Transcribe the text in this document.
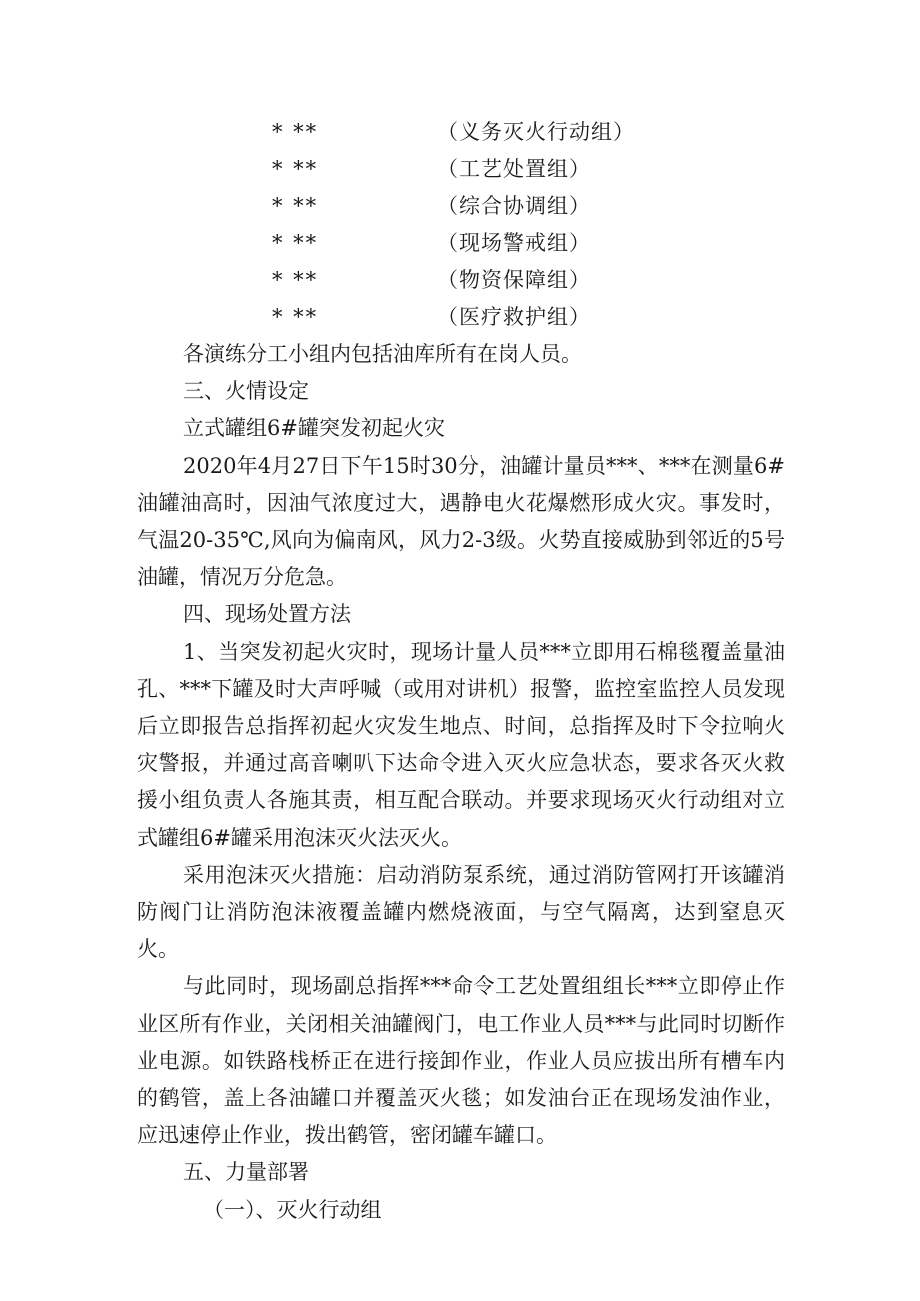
* **	（义务灭火行动组）
* **	（工艺处置组）
* **	（综合协调组）
* **	（现场警戒组）
* **	（物资保障组）
* **	（医疗救护组）

各演练分工小组内包括油库所有在岗人员。

三、火情设定

立式罐组6#罐突发初起火灾

2020年4月27日下午15时30分，油罐计量员***、***在测量6#油罐油高时，因油气浓度过大，遇静电火花爆燃形成火灾。事发时，气温20-35℃,风向为偏南风，风力2-3级。火势直接威胁到邻近的5号油罐，情况万分危急。

四、现场处置方法

1、当突发初起火灾时，现场计量人员***立即用石棉毯覆盖量油孔、***下罐及时大声呼喊（或用对讲机）报警，监控室监控人员发现后立即报告总指挥初起火灾发生地点、时间，总指挥及时下令拉响火灾警报，并通过高音喇叭下达命令进入灭火应急状态，要求各灭火救援小组负责人各施其责，相互配合联动。并要求现场灭火行动组对立式罐组6#罐采用泡沫灭火法灭火。

采用泡沫灭火措施：启动消防泵系统，通过消防管网打开该罐消防阀门让消防泡沫液覆盖罐内燃烧液面，与空气隔离，达到窒息灭火。

与此同时，现场副总指挥***命令工艺处置组组长***立即停止作业区所有作业，关闭相关油罐阀门，电工作业人员***与此同时切断作业电源。如铁路栈桥正在进行接卸作业，作业人员应拔出所有槽车内的鹤管，盖上各油罐口并覆盖灭火毯；如发油台正在现场发油作业，应迅速停止作业，拨出鹤管，密闭罐车罐口。

五、力量部署

（一）、灭火行动组
